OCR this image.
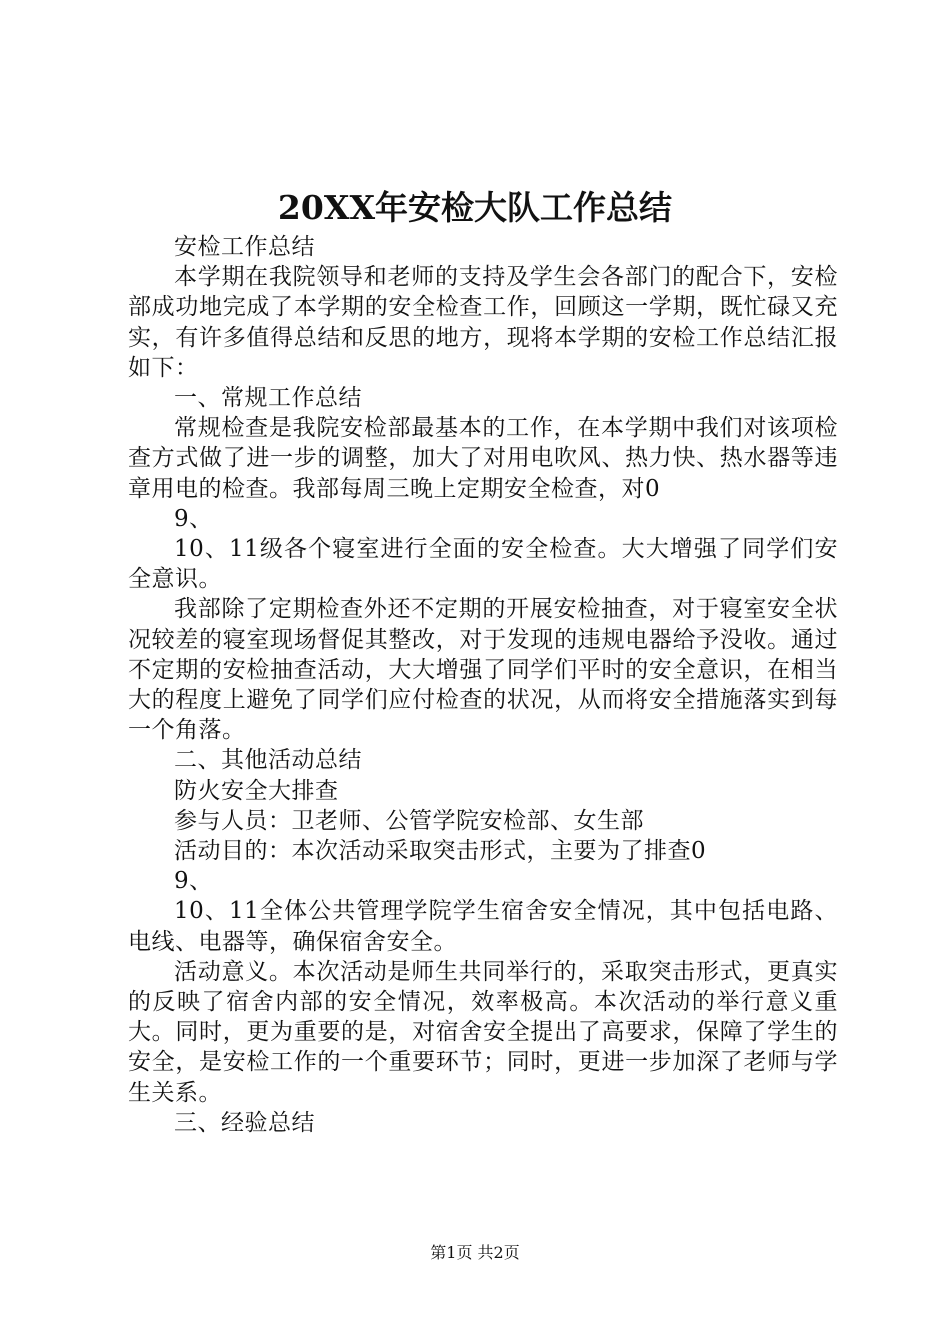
20XX年安检大队工作总结

安检工作总结

本学期在我院领导和老师的支持及学生会各部门的配合下，安检部成功地完成了本学期的安全检查工作，回顾这一学期，既忙碌又充实，有许多值得总结和反思的地方，现将本学期的安检工作总结汇报如下：

一、常规工作总结

常规检查是我院安检部最基本的工作，在本学期中我们对该项检查方式做了进一步的调整，加大了对用电吹风、热力快、热水器等违章用电的检查。我部每周三晚上定期安全检查，对0

9、

10、11级各个寝室进行全面的安全检查。大大增强了同学们安全意识。

我部除了定期检查外还不定期的开展安检抽查，对于寝室安全状况较差的寝室现场督促其整改，对于发现的违规电器给予没收。通过不定期的安检抽查活动，大大增强了同学们平时的安全意识，在相当大的程度上避免了同学们应付检查的状况，从而将安全措施落实到每一个角落。

二、其他活动总结

防火安全大排查

参与人员：卫老师、公管学院安检部、女生部

活动目的：本次活动采取突击形式，主要为了排查0

9、

10、11全体公共管理学院学生宿舍安全情况，其中包括电路、电线、电器等，确保宿舍安全。

活动意义。本次活动是师生共同举行的，采取突击形式，更真实的反映了宿舍内部的安全情况，效率极高。本次活动的举行意义重大。同时，更为重要的是，对宿舍安全提出了高要求，保障了学生的安全，是安检工作的一个重要环节；同时，更进一步加深了老师与学生关系。

三、经验总结

第1页 共2页
